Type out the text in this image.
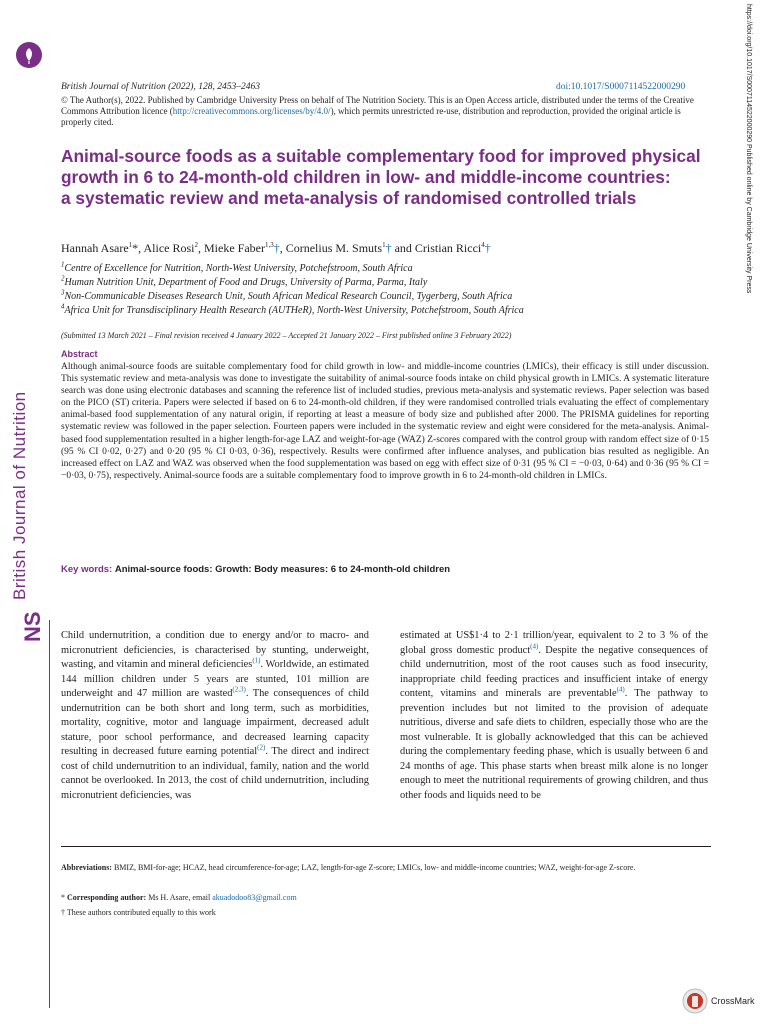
British Journal of Nutrition
NS
https://doi.org/10.1017/S0007114522000290 Published online by Cambridge University Press
British Journal of Nutrition (2022), 128, 2453–2463	doi:10.1017/S0007114522000290
© The Author(s), 2022. Published by Cambridge University Press on behalf of The Nutrition Society. This is an Open Access article, distributed under the terms of the Creative Commons Attribution licence (http://creativecommons.org/licenses/by/4.0/), which permits unrestricted re-use, distribution and reproduction, provided the original article is properly cited.
Animal-source foods as a suitable complementary food for improved physical
growth in 6 to 24-month-old children in low- and middle-income countries:
a systematic review and meta-analysis of randomised controlled trials
Hannah Asare$^1$*, Alice Rosi$^2$, Mieke Faber$^{1,3}$†, Cornelius M. Smuts$^1$† and Cristian Ricci$^4$†
$^1$Centre of Excellence for Nutrition, North-West University, Potchefstroom, South Africa
$^2$Human Nutrition Unit, Department of Food and Drugs, University of Parma, Parma, Italy
$^3$Non-Communicable Diseases Research Unit, South African Medical Research Council, Tygerberg, South Africa
$^4$Africa Unit for Transdisciplinary Health Research (AUTHeR), North-West University, Potchefstroom, South Africa
(Submitted 13 March 2021 – Final revision received 4 January 2022 – Accepted 21 January 2022 – First published online 3 February 2022)
Abstract
Although animal-source foods are suitable complementary food for child growth in low- and middle-income countries (LMICs), their efficacy is still under discussion. This systematic review and meta-analysis was done to investigate the suitability of animal-source foods intake on child physical growth in LMICs. A systematic literature search was done using electronic databases and scanning the reference list of included studies, previous meta-analysis and systematic reviews. Paper selection was based on the PICO (ST) criteria. Papers were selected if based on 6 to 24-month-old children, if they were randomised controlled trials evaluating the effect of complementary animal-based food supplementation of any natural origin, if reporting at least a measure of body size and published after 2000. The PRISMA guidelines for reporting systematic review was followed in the paper selection. Fourteen papers were included in the systematic review and eight were considered for the meta-analysis. Animal-based food supplementation resulted in a higher length-for-age LAZ and weight-for-age (WAZ) Z-scores compared with the control group with random effect size of 0·15 (95 % CI 0·02, 0·27) and 0·20 (95 % CI 0·03, 0·36), respectively. Results were confirmed after influence analyses, and publication bias resulted as negligible. An increased effect on LAZ and WAZ was observed when the food supplementation was based on egg with effect size of 0·31 (95 % CI = −0·03, 0·64) and 0·36 (95 % CI = −0·03, 0·75), respectively. Animal-source foods are a suitable complementary food to improve growth in 6 to 24-month-old children in LMICs.
Key words: Animal-source foods: Growth: Body measures: 6 to 24-month-old children
Child undernutrition, a condition due to energy and/or to macro- and micronutrient deficiencies, is characterised by stunting, underweight, wasting, and vitamin and mineral deficiencies$^{(1)}$. Worldwide, an estimated 144 million children under 5 years are stunted, 101 million are underweight and 47 million are wasted$^{(2,3)}$. The consequences of child undernutrition can be both short and long term, such as morbidities, mortality, cognitive, motor and language impairment, decreased adult stature, poor school performance, and decreased learning capacity resulting in decreased future earning potential$^{(2)}$. The direct and indirect cost of child undernutrition to an individual, family, nation and the world cannot be overlooked. In 2013, the cost of child undernutrition, including micronutrient deficiencies, was
estimated at US$1·4 to 2·1 trillion/year, equivalent to 2 to 3 % of the global gross domestic product$^{(4)}$. Despite the negative consequences of child undernutrition, most of the root causes such as food insecurity, inappropriate child feeding practices and insufficient intake of energy content, vitamins and minerals are preventable$^{(4)}$. The pathway to prevention includes but not limited to the provision of adequate nutritious, diverse and safe diets to children, especially those who are the most vulnerable. It is globally acknowledged that this can be achieved during the complementary feeding phase, which is usually between 6 and 24 months of age. This phase starts when breast milk alone is no longer enough to meet the nutritional requirements of growing children, and thus other foods and liquids need to be
Abbreviations: BMIZ, BMI-for-age; HCAZ, head circumference-for-age; LAZ, length-for-age Z-score; LMICs, low- and middle-income countries; WAZ, weight-for-age Z-score.
* Corresponding author: Ms H. Asare, email akuadodoo83@gmail.com
† These authors contributed equally to this work
CrossMark
